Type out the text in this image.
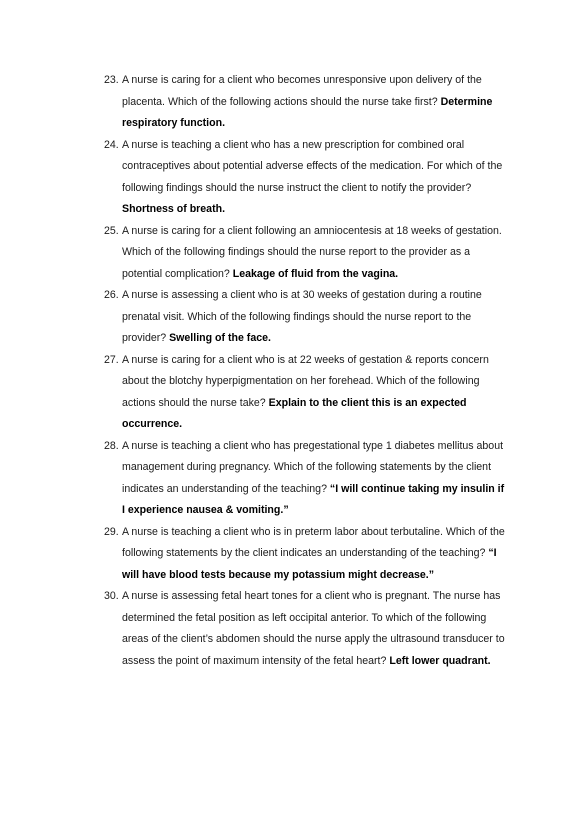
23. A nurse is caring for a client who becomes unresponsive upon delivery of the placenta. Which of the following actions should the nurse take first? Determine respiratory function.
24. A nurse is teaching a client who has a new prescription for combined oral contraceptives about potential adverse effects of the medication. For which of the following findings should the nurse instruct the client to notify the provider? Shortness of breath.
25. A nurse is caring for a client following an amniocentesis at 18 weeks of gestation. Which of the following findings should the nurse report to the provider as a potential complication? Leakage of fluid from the vagina.
26. A nurse is assessing a client who is at 30 weeks of gestation during a routine prenatal visit. Which of the following findings should the nurse report to the provider? Swelling of the face.
27. A nurse is caring for a client who is at 22 weeks of gestation & reports concern about the blotchy hyperpigmentation on her forehead. Which of the following actions should the nurse take? Explain to the client this is an expected occurrence.
28. A nurse is teaching a client who has pregestational type 1 diabetes mellitus about management during pregnancy. Which of the following statements by the client indicates an understanding of the teaching? “I will continue taking my insulin if I experience nausea & vomiting.”
29. A nurse is teaching a client who is in preterm labor about terbutaline. Which of the following statements by the client indicates an understanding of the teaching? “I will have blood tests because my potassium might decrease.”
30. A nurse is assessing fetal heart tones for a client who is pregnant. The nurse has determined the fetal position as left occipital anterior. To which of the following areas of the client’s abdomen should the nurse apply the ultrasound transducer to assess the point of maximum intensity of the fetal heart? Left lower quadrant.
